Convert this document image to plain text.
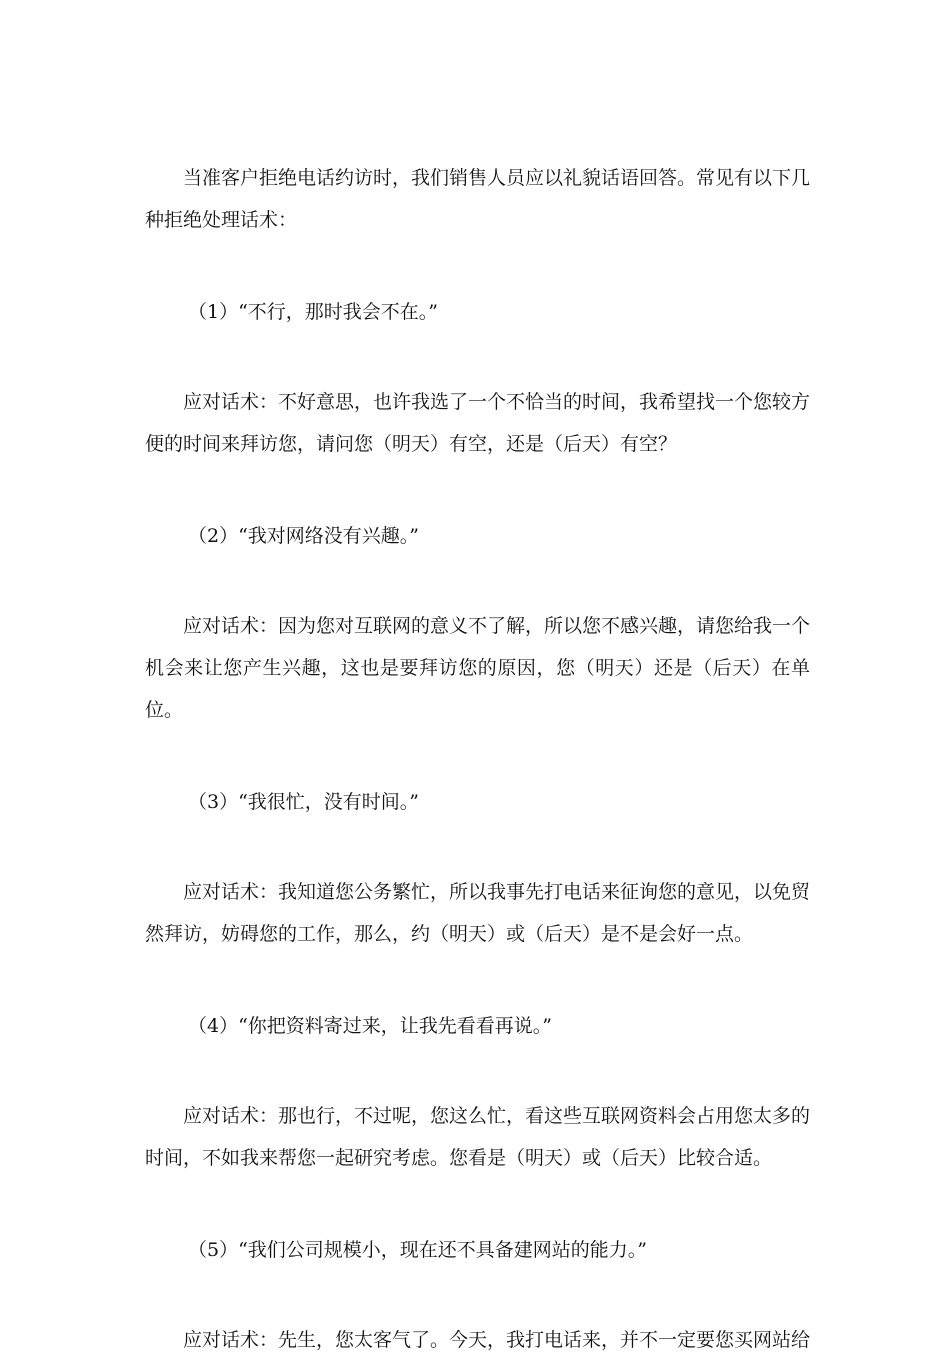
当准客户拒绝电话约访时，我们销售人员应以礼貌话语回答。常见有以下几种拒绝处理话术：

（1）“不行，那时我会不在。”

应对话术：不好意思，也许我选了一个不恰当的时间，我希望找一个您较方便的时间来拜访您，请问您（明天）有空，还是（后天）有空？

（2）“我对网络没有兴趣。”

应对话术：因为您对互联网的意义不了解，所以您不感兴趣，请您给我一个机会来让您产生兴趣，这也是要拜访您的原因，您（明天）还是（后天）在单位。

（3）“我很忙，没有时间。”

应对话术：我知道您公务繁忙，所以我事先打电话来征询您的意见，以免贸然拜访，妨碍您的工作，那么，约（明天）或（后天）是不是会好一点。

（4）“你把资料寄过来，让我先看看再说。”

应对话术：那也行，不过呢，您这么忙，看这些互联网资料会占用您太多的时间，不如我来帮您一起研究考虑。您看是（明天）或（后天）比较合适。

（5）“我们公司规模小，现在还不具备建网站的能力。”

应对话术：先生，您太客气了。今天，我打电话来，并不一定要您买网站给
